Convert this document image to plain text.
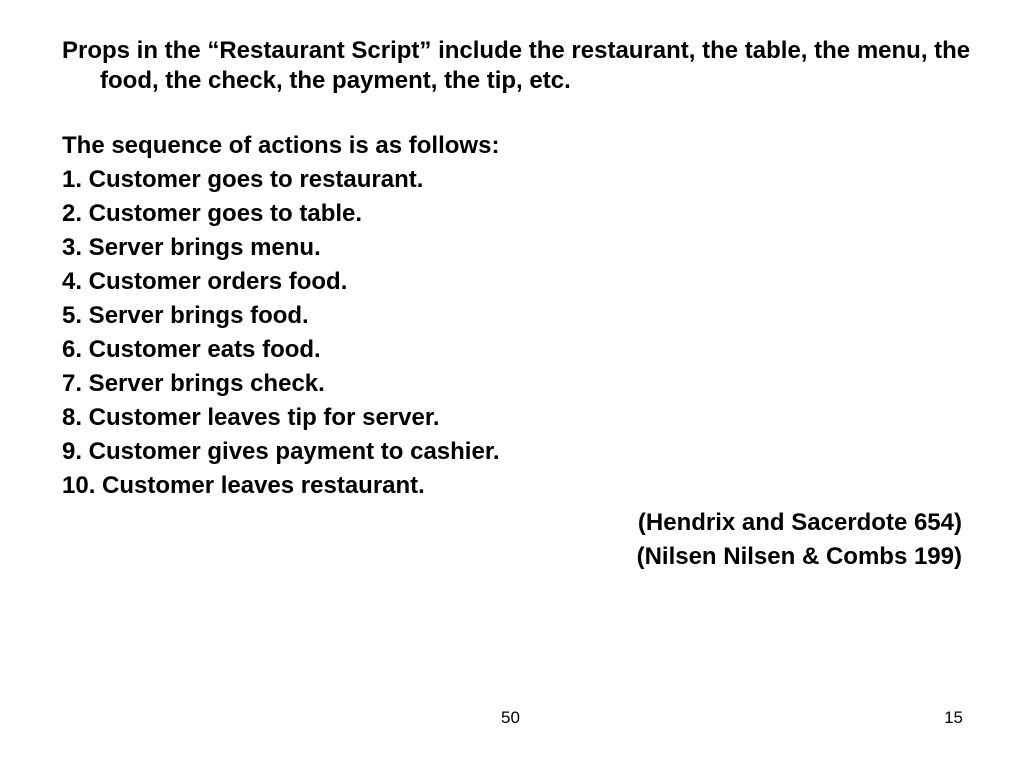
Props in the “Restaurant Script” include the restaurant, the table, the menu, the food, the check, the payment, the tip, etc.

The sequence of actions is as follows:
1. Customer goes to restaurant.
2. Customer goes to table.
3. Server brings menu.
4. Customer orders food.
5. Server brings food.
6. Customer eats food.
7. Server brings check.
8. Customer leaves tip for server.
9. Customer gives payment to cashier.
10. Customer leaves restaurant.
(Hendrix and Sacerdote 654)
(Nilsen Nilsen & Combs 199)
50	15
